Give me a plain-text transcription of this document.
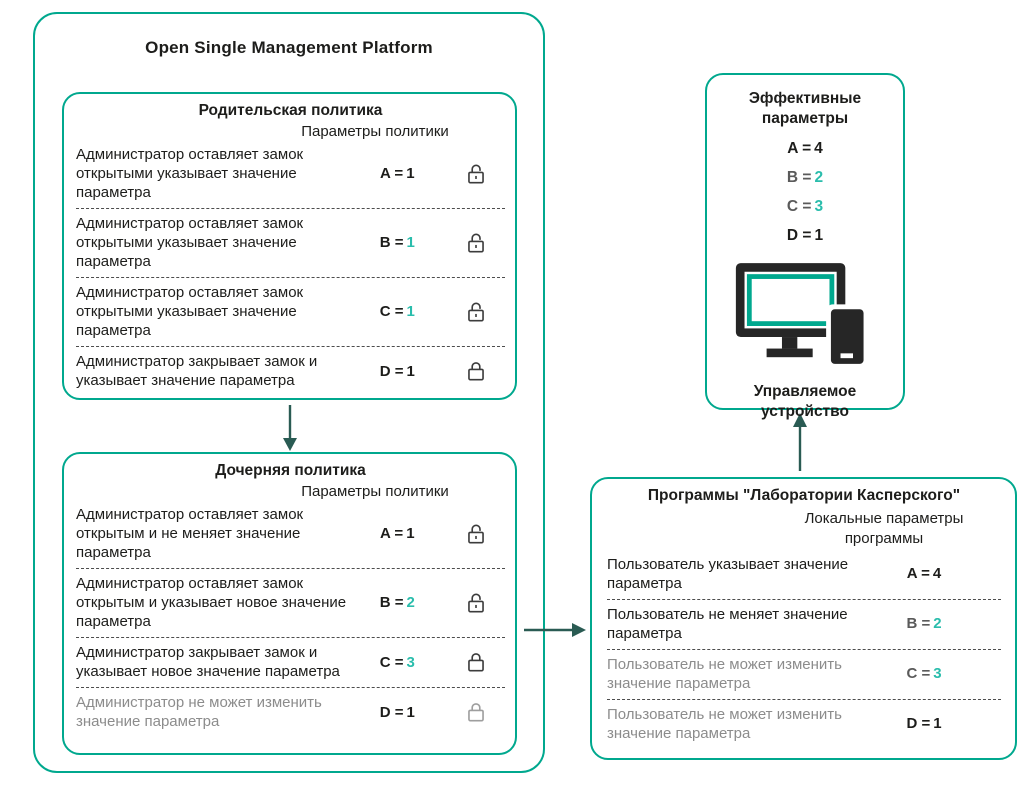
Open Single Management Platform
Родительская политика
Параметры политики
Администратор оставляет замок открытыми указывает значение параметра
A = 1
Администратор оставляет замок открытыми указывает значение параметра
B = 1
Администратор оставляет замок открытыми указывает значение параметра
C = 1
Администратор закрывает замок и указывает значение параметра
D = 1
Дочерняя политика
Параметры политики
Администратор оставляет замок открытым и не меняет значение параметра
A = 1
Администратор оставляет замок открытым и указывает новое значение параметра
B = 2
Администратор закрывает замок и указывает новое значение параметра
C = 3
Администратор не может изменить значение параметра
D = 1
Программы "Лаборатории Касперского"
Локальные параметры программы
Пользователь указывает значение параметра
A = 4
Пользователь не меняет значение параметра
B = 2
Пользователь не может изменить значение параметра
C = 3
Пользователь не может изменить значение параметра
D = 1
Эффективные параметры
A = 4
B = 2
C = 3
D = 1
Управляемое устройство
